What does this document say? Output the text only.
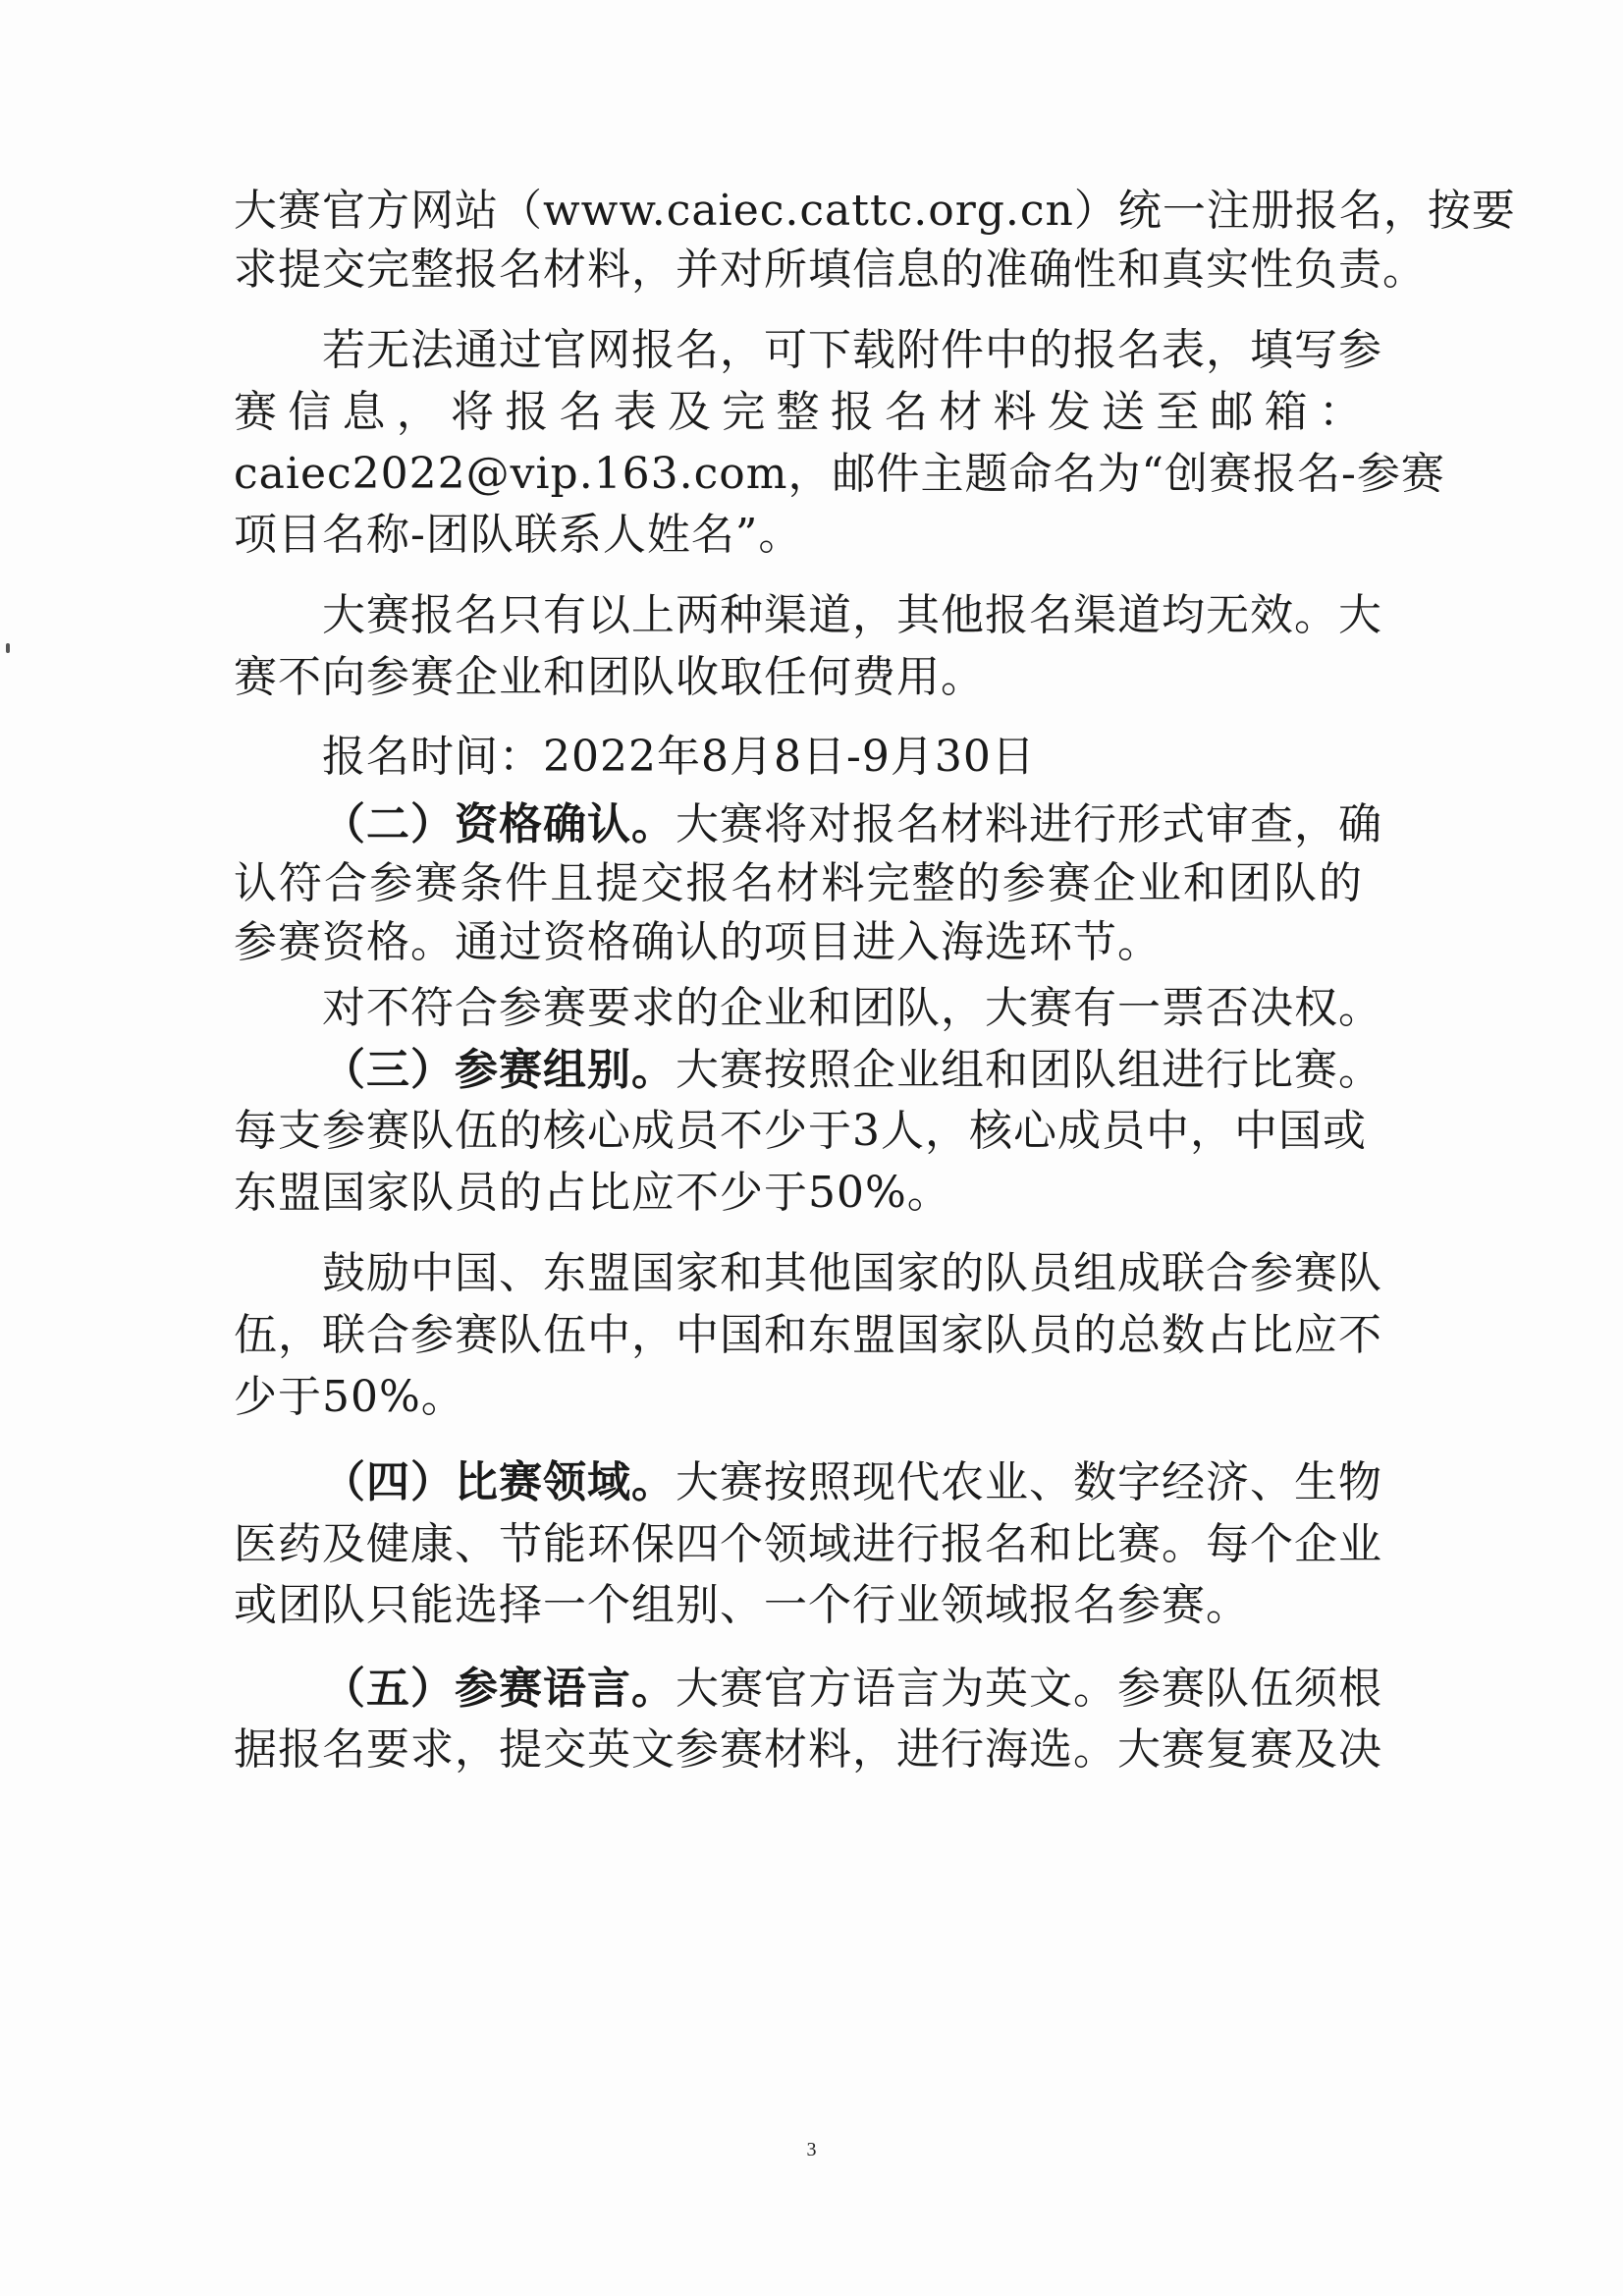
大赛官方网站（www.caiec.cattc.org.cn）统一注册报名，按要
求提交完整报名材料，并对所填信息的准确性和真实性负责。
若无法通过官网报名，可下载附件中的报名表，填写参
赛信息，将报名表及完整报名材料发送至邮箱：
caiec2022@vip.163.com，邮件主题命名为“创赛报名-参赛
项目名称-团队联系人姓名”。
大赛报名只有以上两种渠道，其他报名渠道均无效。大
赛不向参赛企业和团队收取任何费用。
报名时间：2022年8月8日-9月30日
（二）资格确认。大赛将对报名材料进行形式审查，确
认符合参赛条件且提交报名材料完整的参赛企业和团队的
参赛资格。通过资格确认的项目进入海选环节。
对不符合参赛要求的企业和团队，大赛有一票否决权。
（三）参赛组别。大赛按照企业组和团队组进行比赛。
每支参赛队伍的核心成员不少于3人，核心成员中，中国或
东盟国家队员的占比应不少于50%。
鼓励中国、东盟国家和其他国家的队员组成联合参赛队
伍，联合参赛队伍中，中国和东盟国家队员的总数占比应不
少于50%。
（四）比赛领域。大赛按照现代农业、数字经济、生物
医药及健康、节能环保四个领域进行报名和比赛。每个企业
或团队只能选择一个组别、一个行业领域报名参赛。
（五）参赛语言。大赛官方语言为英文。参赛队伍须根
据报名要求，提交英文参赛材料，进行海选。大赛复赛及决
3
